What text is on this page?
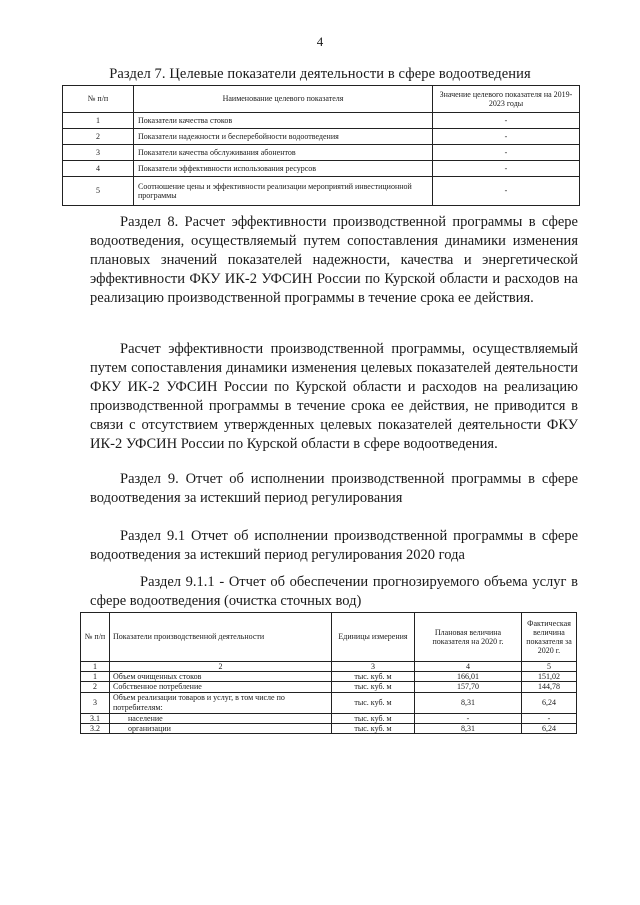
4
Раздел 7. Целевые показатели деятельности в сфере водоотведения
№ п/п	Наименование целевого показателя	Значение целевого показателя на 2019-2023 годы
1	Показатели качества стоков	-
2	Показатели надежности и бесперебойности водоотведения	-
3	Показатели качества обслуживания абонентов	-
4	Показатели эффективности использования ресурсов	-
5	Соотношение цены и эффективности реализации мероприятий инвестиционной программы	-

Раздел 8. Расчет эффективности производственной программы в сфере водоотведения, осуществляемый путем сопоставления динамики изменения плановых значений показателей надежности, качества и энергетической эффективности ФКУ ИК-2 УФСИН России по Курской области и расходов на реализацию производственной программы в течение срока ее действия.

Расчет эффективности производственной программы, осуществляемый путем сопоставления динамики изменения целевых показателей деятельности ФКУ ИК-2 УФСИН России по Курской области и расходов на реализацию производственной программы в течение срока ее действия, не приводится в связи с отсутствием утвержденных целевых показателей деятельности ФКУ ИК-2 УФСИН России по Курской области в сфере водоотведения.

Раздел 9. Отчет об исполнении производственной программы в сфере водоотведения за истекший период регулирования

Раздел 9.1 Отчет об исполнении производственной программы в сфере водоотведения за истекший период регулирования 2020 года

Раздел 9.1.1 - Отчет об обеспечении прогнозируемого объема услуг в сфере водоотведения (очистка сточных вод)

№ п/п	Показатели производственной деятельности	Единицы измерения	Плановая величина показателя на 2020 г.	Фактическая величина показателя за 2020 г.
1	2	3	4	5
1	Объем очищенных стоков	тыс. куб. м	166,01	151,02
2	Собственное потребление	тыс. куб. м	157,70	144,78
3	Объем реализации товаров и услуг, в том числе по потребителям:	тыс. куб. м	8,31	6,24
3.1	население	тыс. куб. м	-	-
3.2	организации	тыс. куб. м	8,31	6,24
